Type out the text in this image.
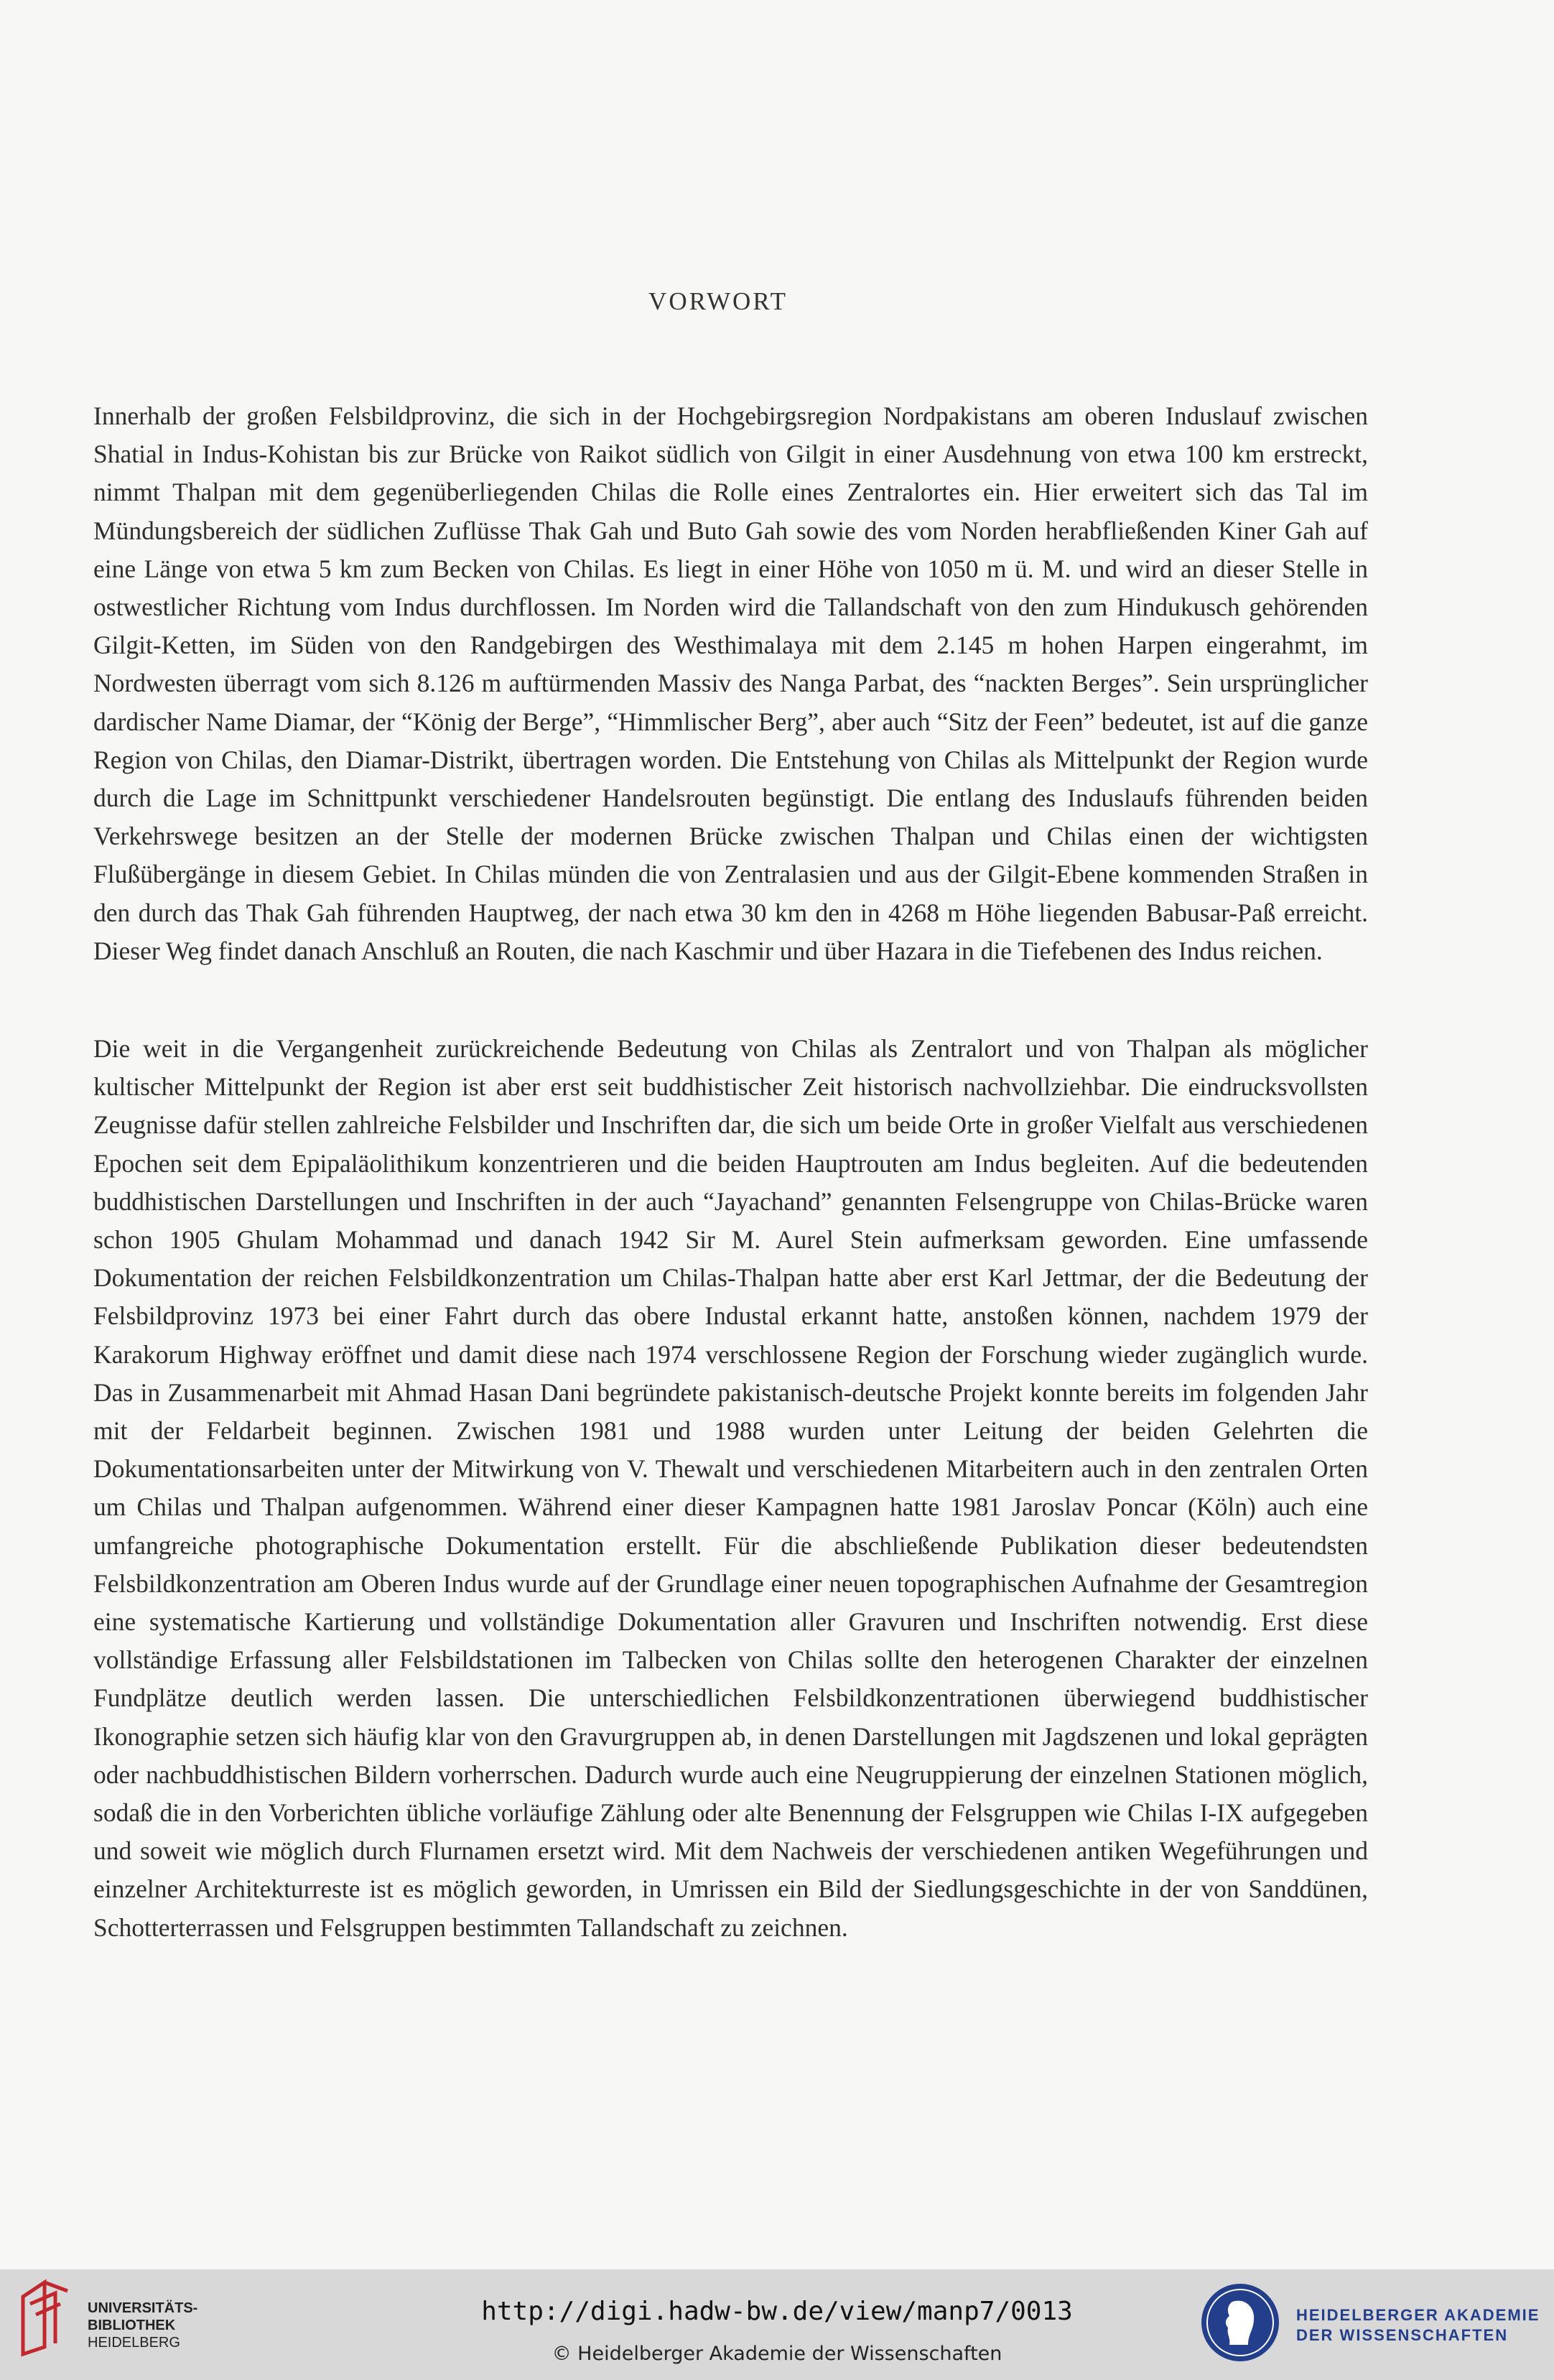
VORWORT

Innerhalb der großen Felsbildprovinz, die sich in der Hochgebirgsregion Nordpakistans am oberen Induslauf zwischen Shatial in Indus-Kohistan bis zur Brücke von Raikot südlich von Gilgit in einer Ausdehnung von etwa 100 km erstreckt, nimmt Thalpan mit dem gegenüberliegenden Chilas die Rolle eines Zentralortes ein. Hier erweitert sich das Tal im Mündungsbereich der südlichen Zuflüsse Thak Gah und Buto Gah sowie des vom Norden herabfließenden Kiner Gah auf eine Länge von etwa 5 km zum Becken von Chilas. Es liegt in einer Höhe von 1050 m ü. M. und wird an dieser Stelle in ostwestlicher Richtung vom Indus durchflossen. Im Norden wird die Tallandschaft von den zum Hindukusch gehörenden Gilgit-Ketten, im Süden von den Randgebirgen des Westhimalaya mit dem 2.145 m hohen Harpen eingerahmt, im Nordwesten überragt vom sich 8.126 m auftürmenden Massiv des Nanga Parbat, des “nackten Berges”. Sein ursprünglicher dardischer Name Diamar, der “König der Berge”, “Himmlischer Berg”, aber auch “Sitz der Feen” bedeutet, ist auf die ganze Region von Chilas, den Diamar-Distrikt, übertragen worden. Die Entstehung von Chilas als Mittelpunkt der Region wurde durch die Lage im Schnittpunkt verschiedener Handelsrouten begünstigt. Die entlang des Induslaufs führenden beiden Verkehrswege besitzen an der Stelle der modernen Brücke zwischen Thalpan und Chilas einen der wichtigsten Flußübergänge in diesem Gebiet. In Chilas münden die von Zentralasien und aus der Gilgit-Ebene kommenden Straßen in den durch das Thak Gah führenden Hauptweg, der nach etwa 30 km den in 4268 m Höhe liegenden Babusar-Paß erreicht. Dieser Weg findet danach Anschluß an Routen, die nach Kaschmir und über Hazara in die Tiefebenen des Indus reichen.

Die weit in die Vergangenheit zurückreichende Bedeutung von Chilas als Zentralort und von Thalpan als möglicher kultischer Mittelpunkt der Region ist aber erst seit buddhistischer Zeit historisch nachvollziehbar. Die eindrucksvollsten Zeugnisse dafür stellen zahlreiche Felsbilder und Inschriften dar, die sich um beide Orte in großer Vielfalt aus verschiedenen Epochen seit dem Epipaläolithikum konzentrieren und die beiden Hauptrouten am Indus begleiten. Auf die bedeutenden buddhistischen Darstellungen und Inschriften in der auch “Jayachand” genannten Felsengruppe von Chilas-Brücke waren schon 1905 Ghulam Mohammad und danach 1942 Sir M. Aurel Stein aufmerksam geworden. Eine umfassende Dokumentation der reichen Felsbildkonzentration um Chilas-Thalpan hatte aber erst Karl Jettmar, der die Bedeutung der Felsbildprovinz 1973 bei einer Fahrt durch das obere Industal erkannt hatte, anstoßen können, nachdem 1979 der Karakorum Highway eröffnet und damit diese nach 1974 verschlossene Region der Forschung wieder zugänglich wurde. Das in Zusammenarbeit mit Ahmad Hasan Dani begründete pakistanisch-deutsche Projekt konnte bereits im folgenden Jahr mit der Feldarbeit beginnen. Zwischen 1981 und 1988 wurden unter Leitung der beiden Gelehrten die Dokumentationsarbeiten unter der Mitwirkung von V. Thewalt und verschiedenen Mitarbeitern auch in den zentralen Orten um Chilas und Thalpan aufgenommen. Während einer dieser Kampagnen hatte 1981 Jaroslav Poncar (Köln) auch eine umfangreiche photographische Dokumentation erstellt. Für die abschließende Publikation dieser bedeutendsten Felsbildkonzentration am Oberen Indus wurde auf der Grundlage einer neuen topographischen Aufnahme der Gesamtregion eine systematische Kartierung und vollständige Dokumentation aller Gravuren und Inschriften notwendig. Erst diese vollständige Erfassung aller Felsbildstationen im Talbecken von Chilas sollte den heterogenen Charakter der einzelnen Fundplätze deutlich werden lassen. Die unterschiedlichen Felsbildkonzentrationen überwiegend buddhistischer Ikonographie setzen sich häufig klar von den Gravurgruppen ab, in denen Darstellungen mit Jagdszenen und lokal geprägten oder nachbuddhistischen Bildern vorherrschen. Dadurch wurde auch eine Neugruppierung der einzelnen Stationen möglich, sodaß die in den Vorberichten übliche vorläufige Zählung oder alte Benennung der Felsgruppen wie Chilas I-IX aufgegeben und soweit wie möglich durch Flurnamen ersetzt wird. Mit dem Nachweis der verschiedenen antiken Wegeführungen und einzelner Architekturreste ist es möglich geworden, in Umrissen ein Bild der Siedlungsgeschichte in der von Sanddünen, Schotterterrassen und Felsgruppen bestimmten Tallandschaft zu zeichnen.

UNIVERSITÄTS-
BIBLIOTHEK
HEIDELBERG
http://digi.hadw-bw.de/view/manp7/0013
© Heidelberger Akademie der Wissenschaften
HEIDELBERGER AKADEMIE
DER WISSENSCHAFTEN
